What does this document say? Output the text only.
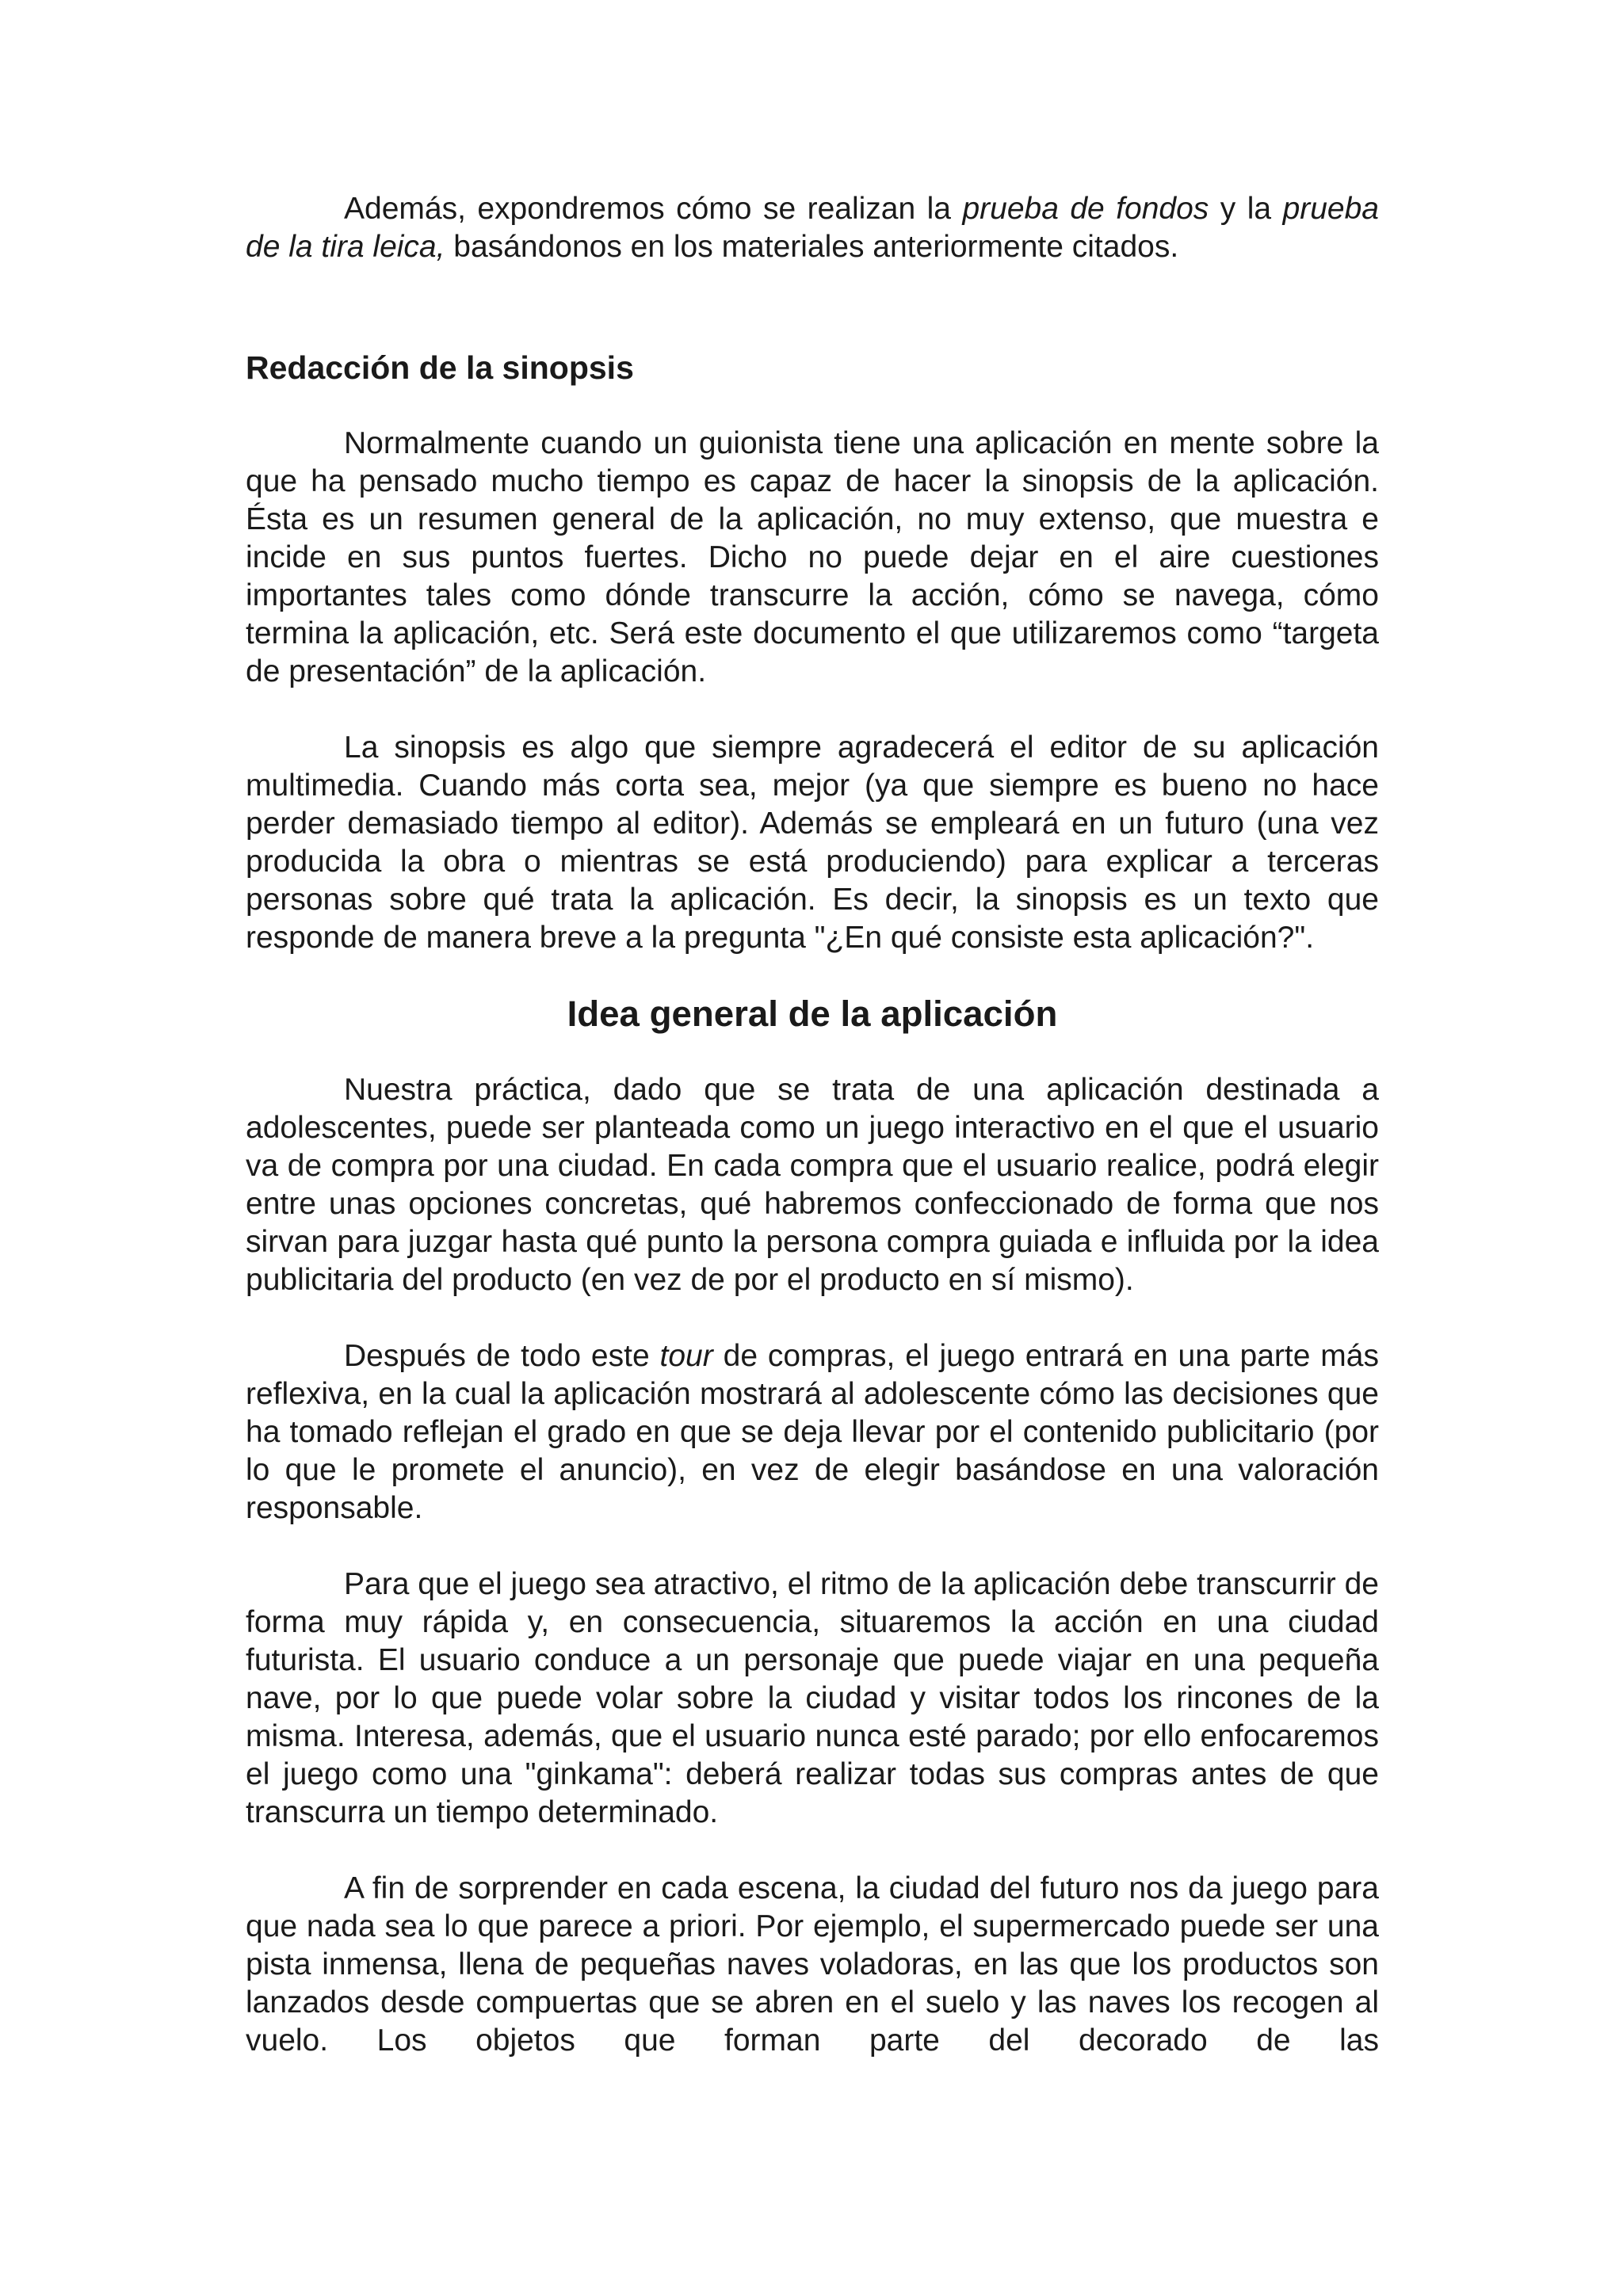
Además, expondremos cómo se realizan la prueba de fondos y la prueba de la tira leica, basándonos en los materiales anteriormente citados.

Redacción de la sinopsis

Normalmente cuando un guionista tiene una aplicación en mente sobre la que ha pensado mucho tiempo es capaz de hacer la sinopsis de la aplicación. Ésta es un resumen general de la aplicación, no muy extenso, que muestra e incide en sus puntos fuertes. Dicho no puede dejar en el aire cuestiones importantes tales como dónde transcurre la acción, cómo se navega, cómo termina la aplicación, etc. Será este documento el que utilizaremos como “targeta de presentación” de la aplicación.

La sinopsis es algo que siempre agradecerá el editor de su aplicación multimedia. Cuando más corta sea, mejor (ya que siempre es bueno no hace perder demasiado tiempo al editor). Además se empleará en un futuro (una vez producida la obra o mientras se está produciendo) para explicar a terceras personas sobre qué trata la aplicación. Es decir, la sinopsis es un texto que responde de manera breve a la pregunta "¿En qué consiste esta aplicación?".

Idea general de la aplicación

Nuestra práctica, dado que se trata de una aplicación destinada a adolescentes, puede ser planteada como un juego interactivo en el que el usuario va de compra por una ciudad. En cada compra que el usuario realice, podrá elegir entre unas opciones concretas, qué habremos confeccionado de forma que nos sirvan para juzgar hasta qué punto la persona compra guiada e influida por la idea publicitaria del producto (en vez de por el producto en sí mismo).

Después de todo este tour de compras, el juego entrará en una parte más reflexiva, en la cual la aplicación mostrará al adolescente cómo las decisiones que ha tomado reflejan el grado en que se deja llevar por el contenido publicitario (por lo que le promete el anuncio), en vez de elegir basándose en una valoración responsable.

Para que el juego sea atractivo, el ritmo de la aplicación debe transcurrir de forma muy rápida y, en consecuencia, situaremos la acción en una ciudad futurista. El usuario conduce a un personaje que puede viajar en una pequeña nave, por lo que puede volar sobre la ciudad y visitar todos los rincones de la misma. Interesa, además, que el usuario nunca esté parado; por ello enfocaremos el juego como una "ginkama": deberá realizar todas sus compras antes de que transcurra un tiempo determinado.

A fin de sorprender en cada escena, la ciudad del futuro nos da juego para que nada sea lo que parece a priori. Por ejemplo, el supermercado puede ser una pista inmensa, llena de pequeñas naves voladoras, en las que los productos son lanzados desde compuertas que se abren en el suelo y las naves los recogen al vuelo. Los objetos que forman parte del decorado de las
